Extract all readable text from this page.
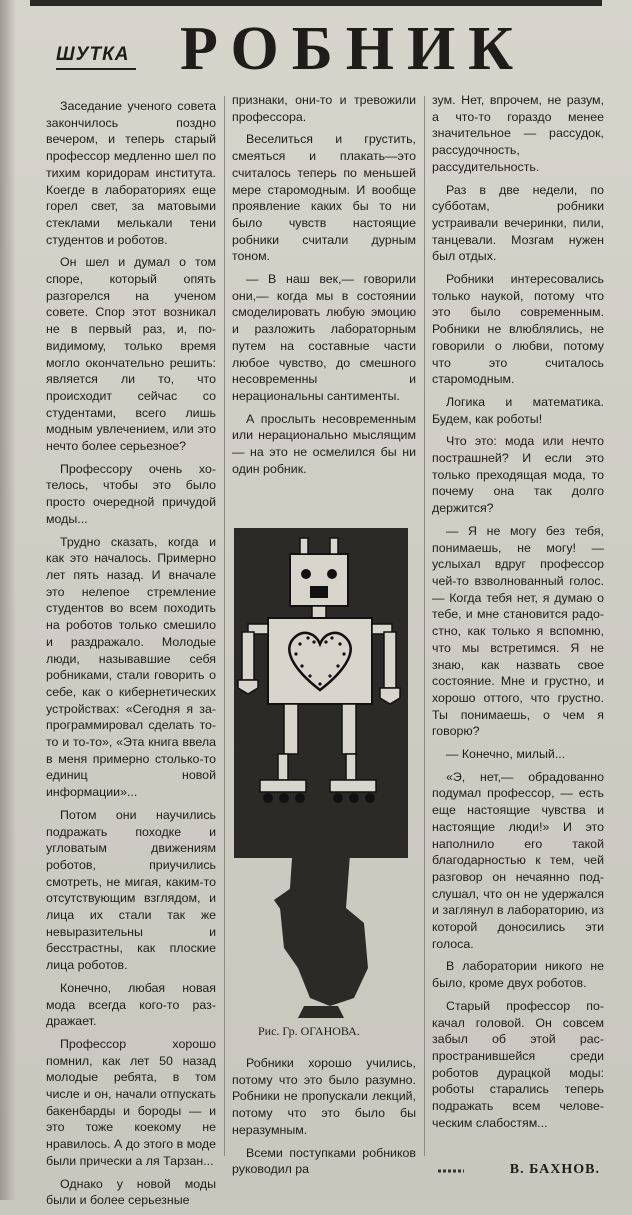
ШУТКА РОБНИК

Заседание ученого совета закончилось поздно вечером, и теперь старый профессор медленно шел по тихим коридорам института. Коегде в лабораториях еще горел свет, за матовыми стеклами мелькали тени студентов и роботов.

Он шел и думал о том споре, который опять разгорелся на ученом совете. Спор этот возникал не в первый раз, и, по-видимому, только время могло окончательно решить: является ли то, что происходит сейчас со студентами, всего лишь модным увлечением, или это нечто более серьезное?

Профессору очень хотелось, чтобы это было просто очередной причудой моды...

Трудно сказать, когда и как это началось. Примерно лет пять назад. И вначале это нелепое стремление студентов во всем походить на роботов только смешило и раздражало. Молодые люди, называвшие себя робниками, стали говорить о себе, как о кибернетических устройствах: «Сегодня я запрограммировал сделать то-то и то-то», «Эта книга ввела в меня примерно столько-то единиц новой информации»...

Потом они научились подражать походке и угловатым движениям роботов, приучились смотреть, не мигая, каким-то отсутствующим взглядом, и лица их стали так же невыразительны и бесстрастны, как плоские лица роботов.

Конечно, любая новая мода всегда кого-то раздражает.

Профессор хорошо помнил, как лет 50 назад молодые ребята, в том числе и он, начали отпускать бакенбарды и бороды — и это тоже коекому не нравилось. А до этого в моде были прически а ля Тарзан...

Однако у новой моды были и более серьезные

признаки, они-то и тревожили профессора.

Веселиться и грустить, смеяться и плакать—это считалось теперь по меньшей мере старомодным. И вообще проявление каких бы то ни было чувств настоящие робники считали дурным тоном.

— В наш век,— говорили они,— когда мы в состоянии смоделировать любую эмоцию и разложить лабораторным путем на составные части любое чувство, до смешного несовременны и нерациональны сантименты.

А прослыть несовременным или нерационально мыслящим — на это не осмелился бы ни один робник.

Рис. Гр. ОГАНОВА.

Робники хорошо учились, потому что это было разумно. Робники не пропускали лекций, потому что это было бы неразумным.

Всеми поступками робников руководил ра

зум. Нет, впрочем, не разум, а что-то гораздо менее значительное — рассудок, рассудочность, рассудительность.

Раз в две недели, по субботам, робники устраивали вечеринки, пили, танцевали. Мозгам нужен был отдых.

Робники интересовались только наукой, потому что это было современным. Робники не влюблялись, не говорили о любви, потому что это считалось старомодным.

Логика и математика. Будем, как роботы!

Что это: мода или нечто пострашней? И если это только преходящая мода, то почему она так долго держится?

— Я не могу без тебя, понимаешь, не могу! — услыхал вдруг профессор чей-то взволнованный голос.— Когда тебя нет, я думаю о тебе, и мне становится радостно, как только я вспомню, что мы встретимся. Я не знаю, как назвать свое состояние. Мне и грустно, и хорошо оттого, что грустно. Ты понимаешь, о чем я говорю?

— Конечно, милый...

«Э, нет,— обрадованно подумал профессор, — есть еще настоящие чувства и настоящие люди!» И это наполнило его такой благодарностью к тем, чей разговор он нечаянно подслушал, что он не удержался и заглянул в лабораторию, из которой доносились эти голоса.

В лаборатории никого не было, кроме двух роботов.

Старый профессор покачал головой. Он совсем забыл об этой распространившейся среди роботов дурацкой моды: роботы старались теперь подражать всем человеческим слабостям...

В. БАХНОВ.
